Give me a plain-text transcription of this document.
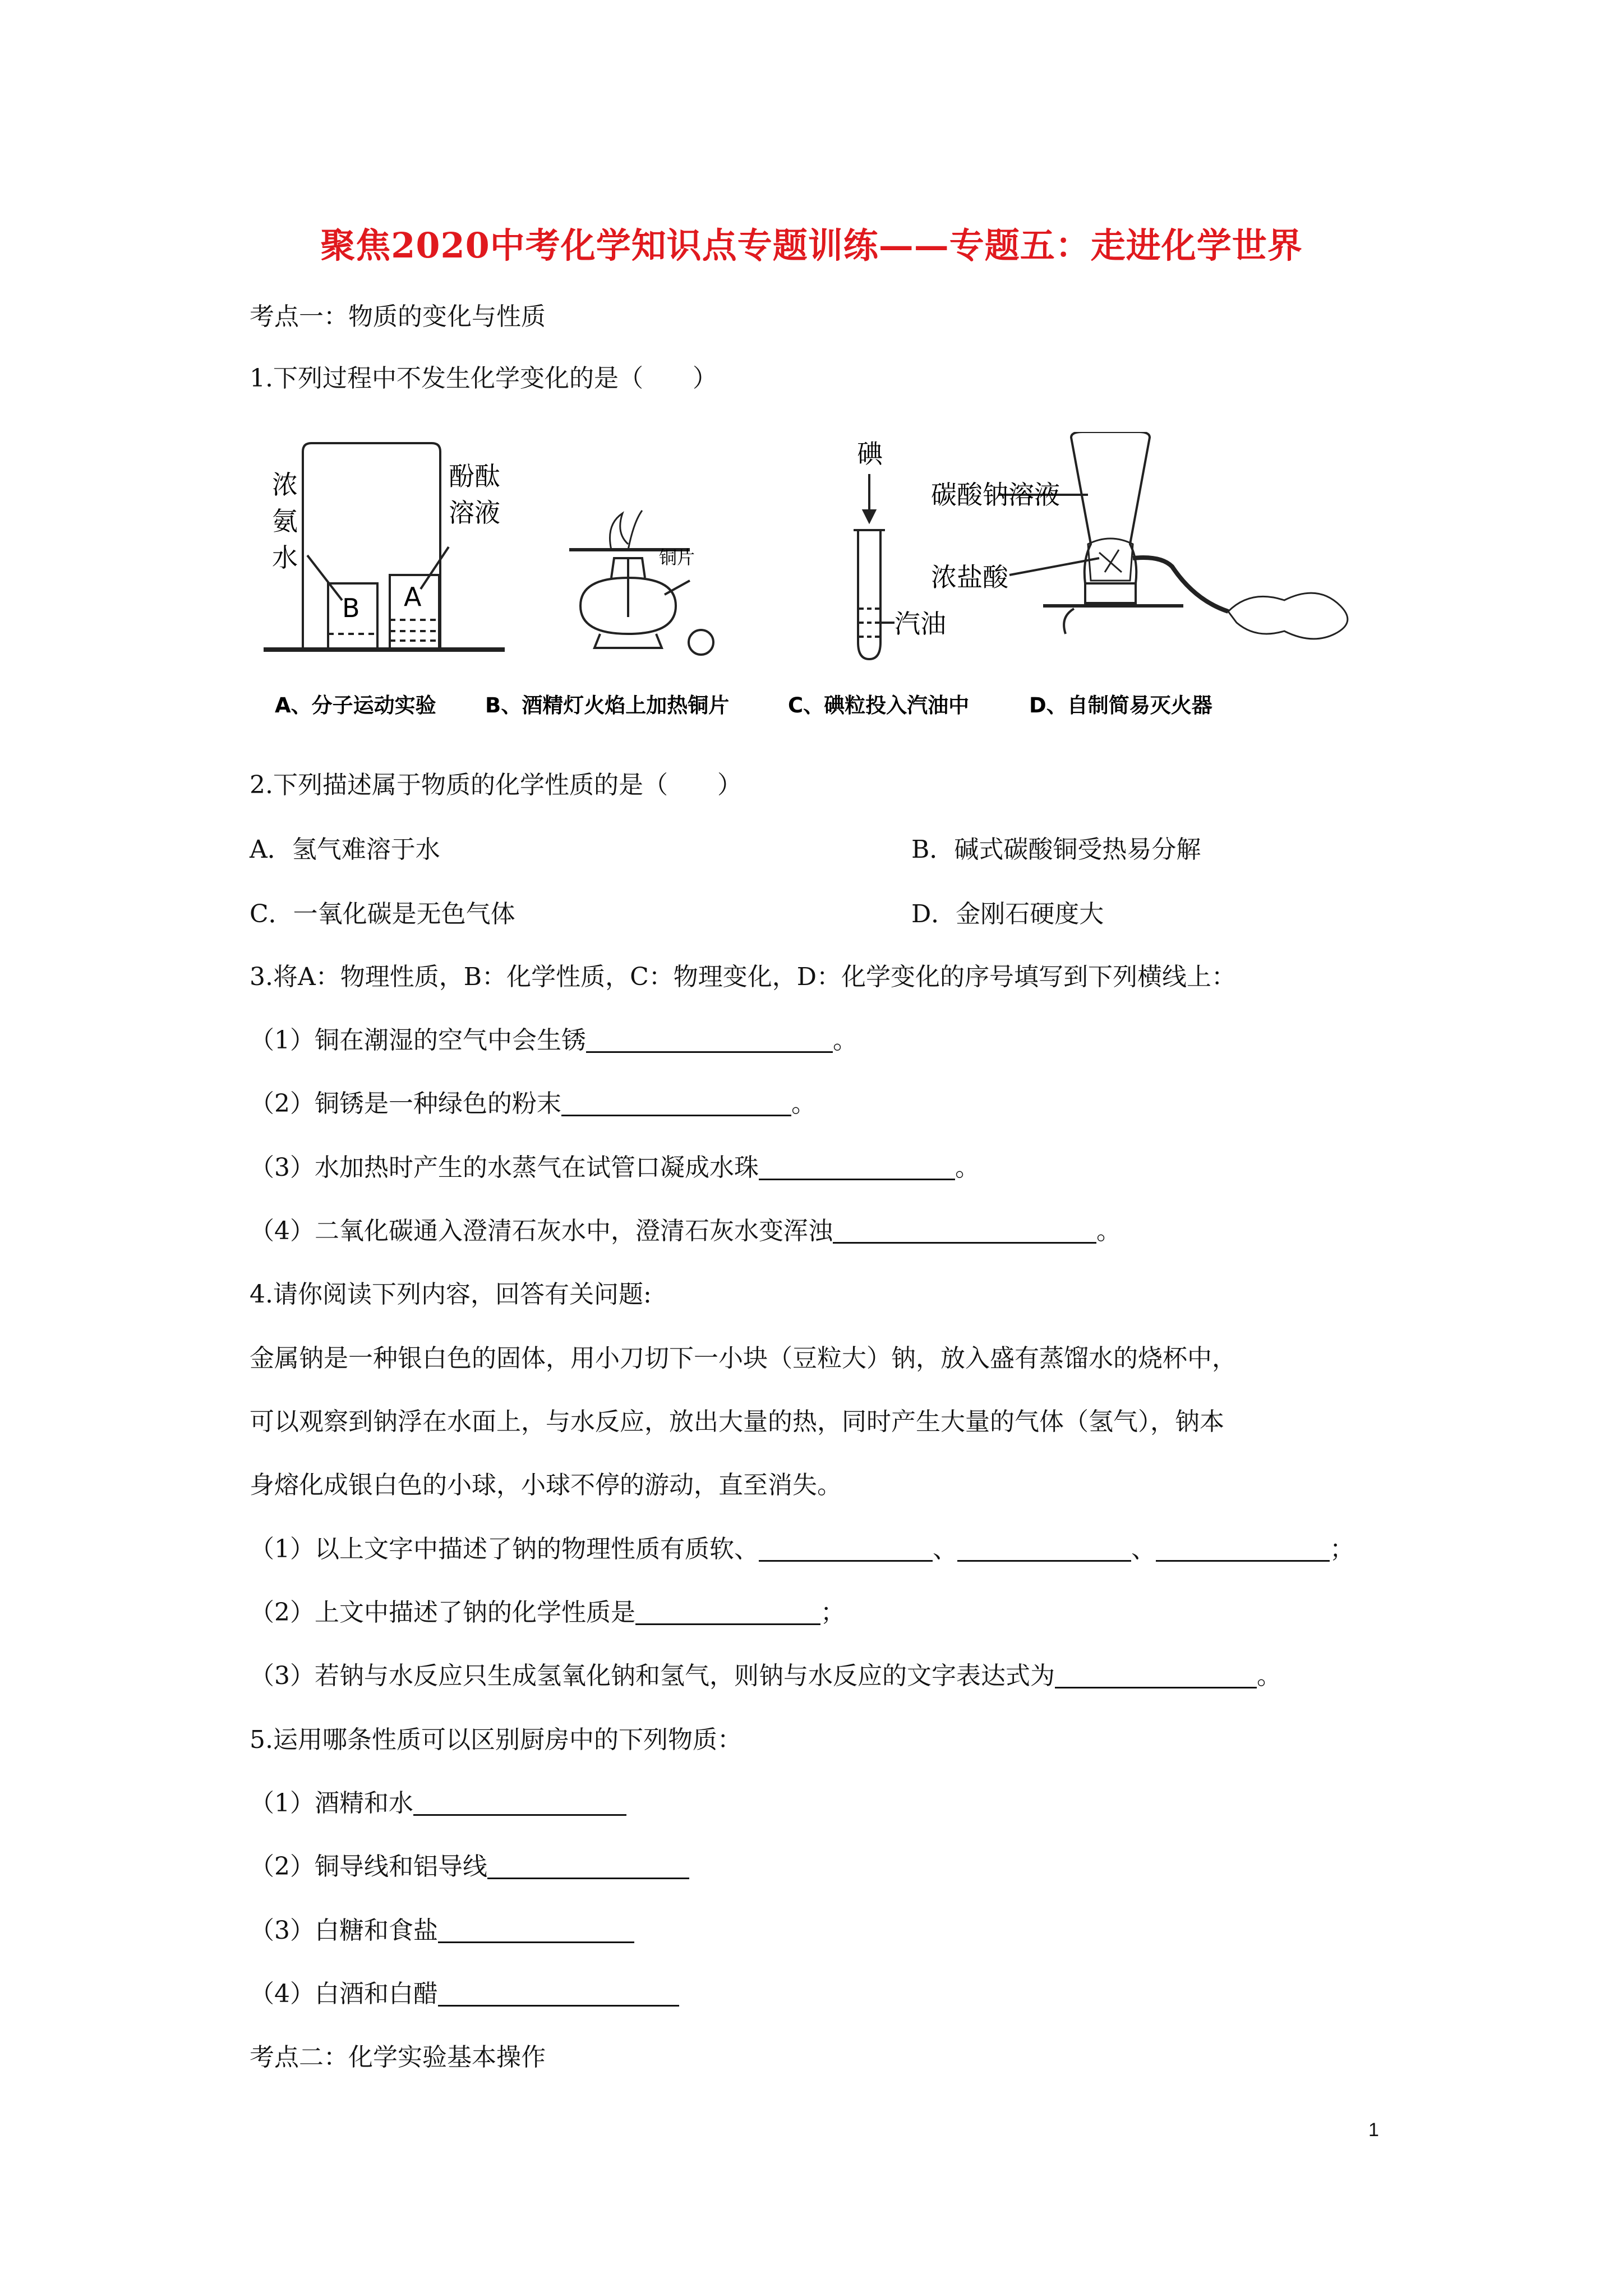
聚焦2020中考化学知识点专题训练——专题五：走进化学世界
考点一：物质的变化与性质
1.下列过程中不发生化学变化的是（　　）
浓
氨
水
酚酞
溶液
B A
铜片
碘
汽油
碳酸钠溶液
浓盐酸
A、分子运动实验 B、酒精灯火焰上加热铜片	C、碘粒投入汽油中	D、自制简易灭火器
2.下列描述属于物质的化学性质的是（　　）
A．氢气难溶于水	B．碱式碳酸铜受热易分解
C．一氧化碳是无色气体	D．金刚石硬度大
3.将A：物理性质，B：化学性质，C：物理变化，D：化学变化的序号填写到下列横线上：
（1）铜在潮湿的空气中会生锈	。
（2）铜锈是一种绿色的粉末	。
（3）水加热时产生的水蒸气在试管口凝成水珠	。
（4）二氧化碳通入澄清石灰水中，澄清石灰水变浑浊	。
4.请你阅读下列内容，回答有关问题:
金属钠是一种银白色的固体，用小刀切下一小块（豆粒大）钠，放入盛有蒸馏水的烧杯中，
可以观察到钠浮在水面上，与水反应，放出大量的热，同时产生大量的气体（氢气），钠本
身熔化成银白色的小球，小球不停的游动，直至消失。
（1）以上文字中描述了钠的物理性质有质软、	、	、	；
（2）上文中描述了钠的化学性质是	；
（3）若钠与水反应只生成氢氧化钠和氢气，则钠与水反应的文字表达式为	。
5.运用哪条性质可以区别厨房中的下列物质：
（1）酒精和水
（2）铜导线和铝导线
（3）白糖和食盐
（4）白酒和白醋
考点二：化学实验基本操作
1
